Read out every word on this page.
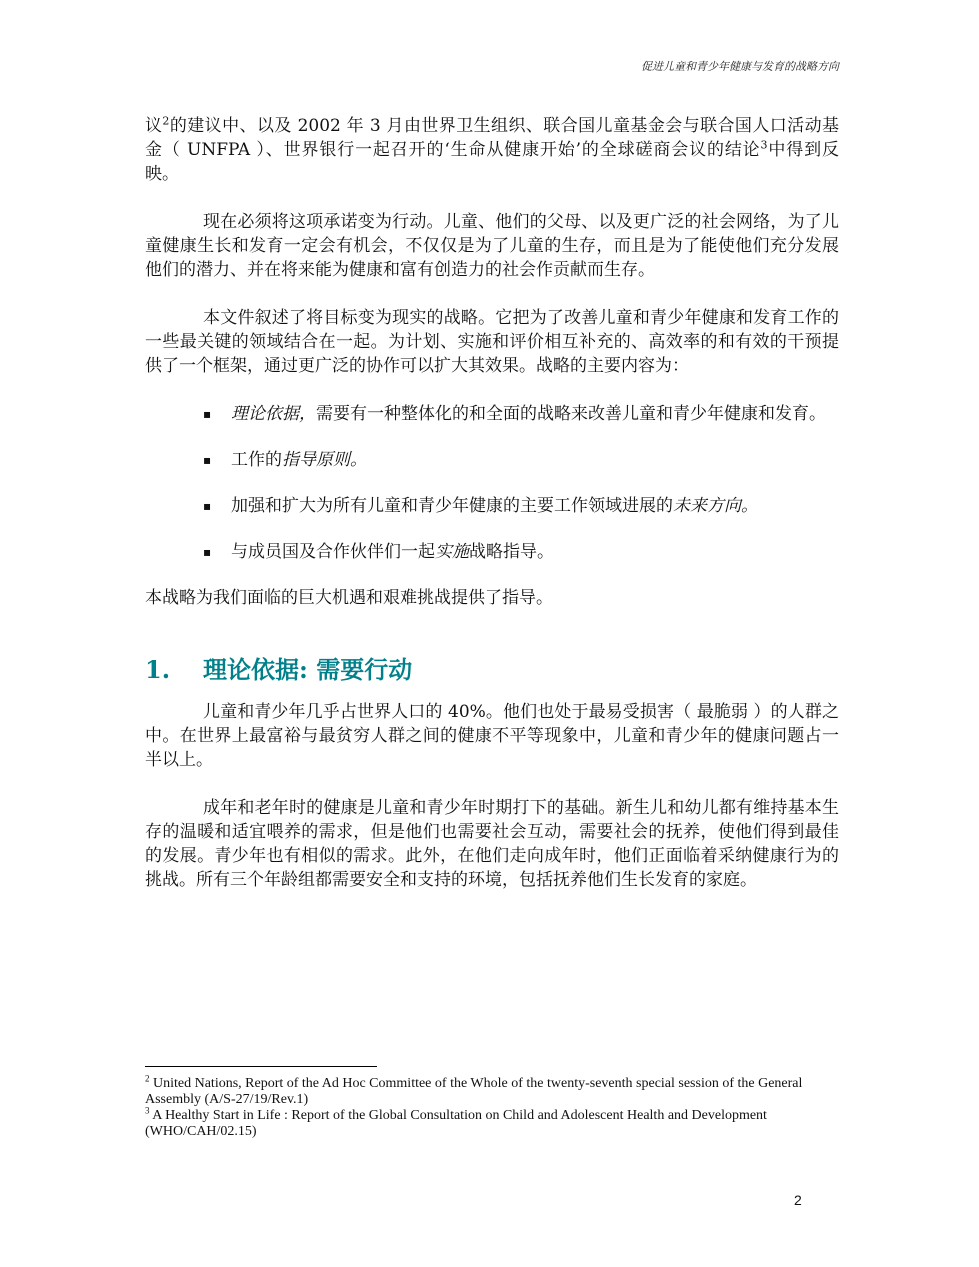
促进儿童和青少年健康与发育的战略方向

议$^2$的建议中、以及 2002 年 3 月由世界卫生组织、联合国儿童基金会与联合国人口活动基金（ UNFPA ）、世界银行一起召开的‘生命从健康开始’的全球磋商会议的结论$^3$中得到反映。

现在必须将这项承诺变为行动。儿童、他们的父母、以及更广泛的社会网络，为了儿童健康生长和发育一定会有机会，不仅仅是为了儿童的生存，而且是为了能使他们充分发展他们的潜力、并在将来能为健康和富有创造力的社会作贡献而生存。

本文件叙述了将目标变为现实的战略。它把为了改善儿童和青少年健康和发育工作的一些最关键的领域结合在一起。为计划、实施和评价相互补充的、高效率的和有效的干预提供了一个框架，通过更广泛的协作可以扩大其效果。战略的主要内容为：

▪ 理论依据，需要有一种整体化的和全面的战略来改善儿童和青少年健康和发育。
▪ 工作的指导原则。
▪ 加强和扩大为所有儿童和青少年健康的主要工作领域进展的未来方向。
▪ 与成员国及合作伙伴们一起实施战略指导。

本战略为我们面临的巨大机遇和艰难挑战提供了指导。

1. 理论依据: 需要行动

儿童和青少年几乎占世界人口的 40%。他们也处于最易受损害（ 最脆弱 ）的人群之中。在世界上最富裕与最贫穷人群之间的健康不平等现象中，儿童和青少年的健康问题占一半以上。

成年和老年时的健康是儿童和青少年时期打下的基础。新生儿和幼儿都有维持基本生存的温暖和适宜喂养的需求，但是他们也需要社会互动，需要社会的抚养，使他们得到最佳的发展。青少年也有相似的需求。此外，在他们走向成年时，他们正面临着采纳健康行为的挑战。所有三个年龄组都需要安全和支持的环境，包括抚养他们生长发育的家庭。

$^2$ United Nations, Report of the Ad Hoc Committee of the Whole of the twenty-seventh special session of the General Assembly (A/S-27/19/Rev.1)
$^3$ A Healthy Start in Life : Report of the Global Consultation on Child and Adolescent Health and Development (WHO/CAH/02.15)
2
